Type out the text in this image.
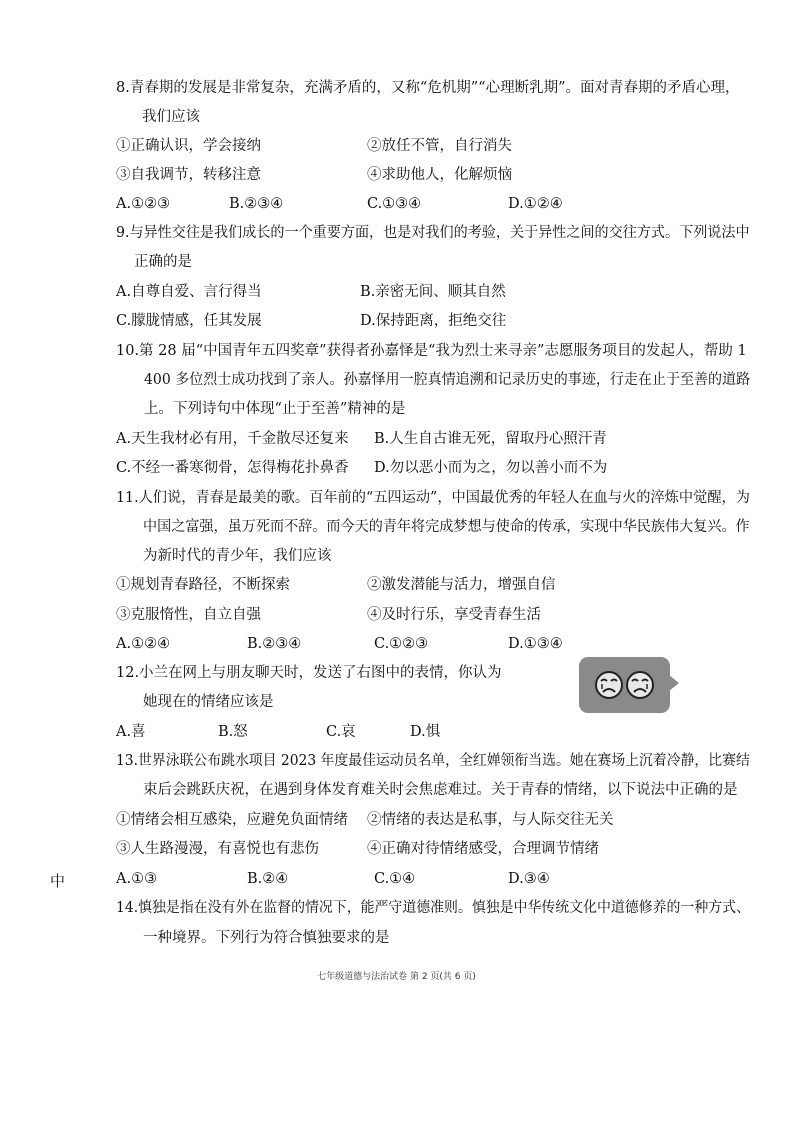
8.青春期的发展是非常复杂，充满矛盾的，又称“危机期”“心理断乳期”。面对青春期的矛盾心理，
我们应该
①正确认识，学会接纳	②放任不管，自行消失
③自我调节，转移注意	④求助他人，化解烦恼
A.①②③	B.②③④	C.①③④	D.①②④
9.与异性交往是我们成长的一个重要方面，也是对我们的考验，关于异性之间的交往方式。下列说法中
正确的是
A.自尊自爱、言行得当	B.亲密无间、顺其自然
C.朦胧情感，任其发展	D.保持距离，拒绝交往
10.第 28 届“中国青年五四奖章”获得者孙嘉怿是“我为烈士来寻亲”志愿服务项目的发起人，帮助 1
400 多位烈士成功找到了亲人。孙嘉怿用一腔真情追溯和记录历史的事迹，行走在止于至善的道路
上。下列诗句中体现“止于至善”精神的是
A.天生我材必有用，千金散尽还复来 B.人生自古谁无死，留取丹心照汗青
C.不经一番寒彻骨，怎得梅花扑鼻香 D.勿以恶小而为之，勿以善小而不为
11.人们说，青春是最美的歌。百年前的“五四运动”，中国最优秀的年轻人在血与火的淬炼中觉醒，为
中国之富强，虽万死而不辞。而今天的青年将完成梦想与使命的传承，实现中华民族伟大复兴。作
为新时代的青少年，我们应该
①规划青春路径，不断探索	②激发潜能与活力，增强自信
③克服惰性，自立自强	④及时行乐，享受青春生活
A.①②④	B.②③④	C.①②③	D.①③④
12.小兰在网上与朋友聊天时，发送了右图中的表情，你认为
她现在的情绪应该是
A.喜	B.怒	C.哀	D.惧
13.世界泳联公布跳水项目 2023 年度最佳运动员名单，全红婵领衔当选。她在赛场上沉着冷静，比赛结
束后会跳跃庆祝，在遇到身体发育难关时会焦虑难过。关于青春的情绪，以下说法中正确的是
①情绪会相互感染，应避免负面情绪 ②情绪的表达是私事，与人际交往无关
③人生路漫漫，有喜悦也有悲伤	④正确对待情绪感受，合理调节情绪
A.①③	B.②④	C.①④	D.③④
中
14.慎独是指在没有外在监督的情况下，能严守道德准则。慎独是中华传统文化中道德修养的一种方式、
一种境界。下列行为符合慎独要求的是
七年级道德与法治试卷 第 2 页(共 6 页)
